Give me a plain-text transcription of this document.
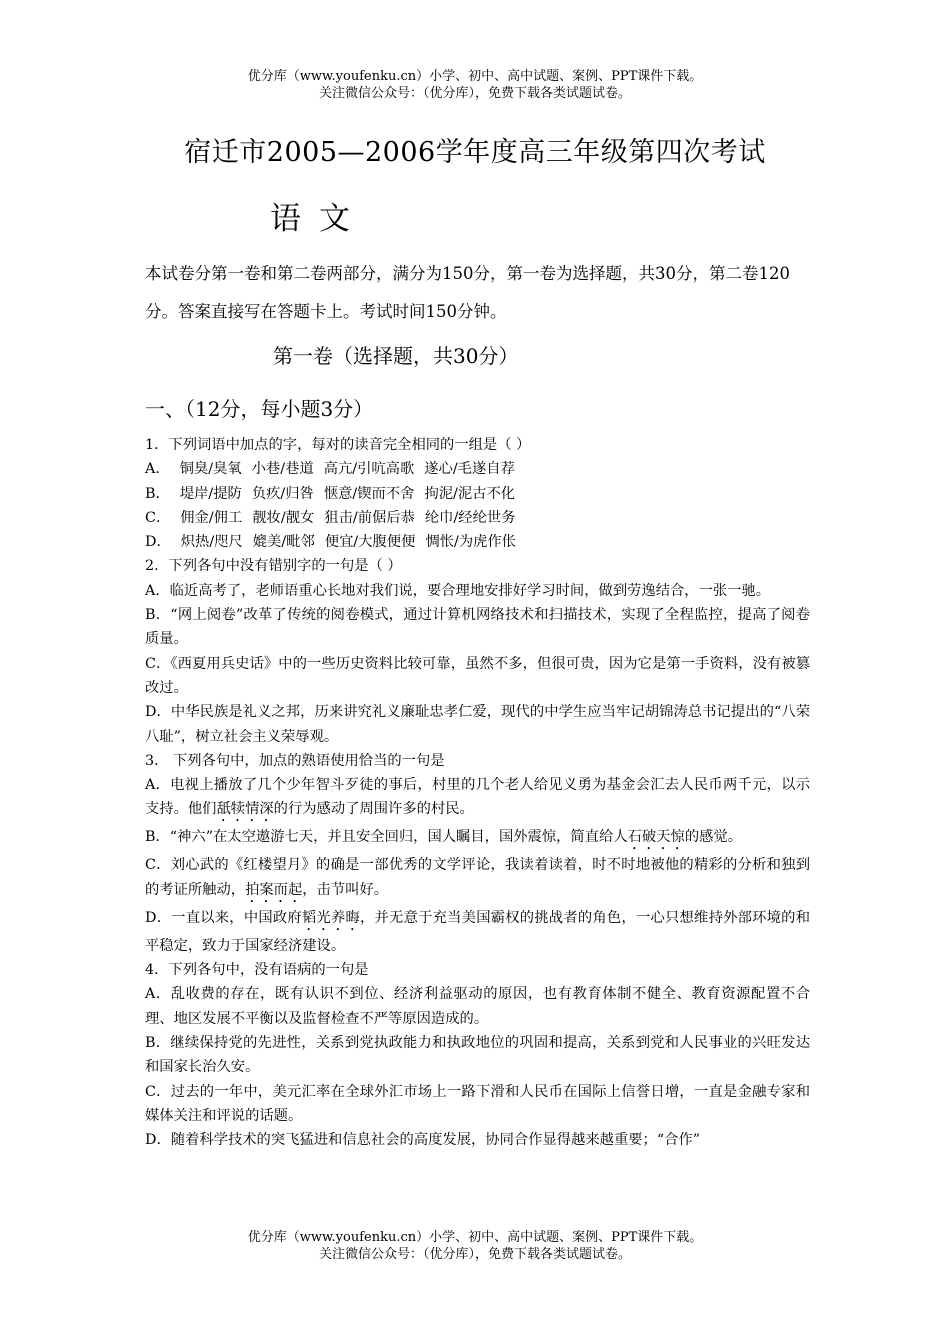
优分库（www.youfenku.cn）小学、初中、高中试题、案例、PPT课件下载。
关注微信公众号：（优分库），免费下载各类试题试卷。
宿迁市2005—2006学年度高三年级第四次考试
语文
本试卷分第一卷和第二卷两部分，满分为150分，第一卷为选择题，共30分，第二卷120分。答案直接写在答题卡上。考试时间150分钟。
第一卷（选择题，共30分）
一、（12分，每小题3分）

1．下列词语中加点的字，每对的读音完全相同的一组是（ ）

A． 铜臭/臭氧 小巷/巷道 高亢/引吭高歌 遂心/毛遂自荐

B． 堤岸/提防 负疚/归咎 惬意/锲而不舍 拘泥/泥古不化

C． 佣金/佣工 靓妆/靓女 狙击/前倨后恭 纶巾/经纶世务

D． 炽热/咫尺 媲美/毗邻 便宜/大腹便便 惆怅/为虎作伥

2．下列各句中没有错别字的一句是（ ）

A．临近高考了，老师语重心长地对我们说，要合理地安排好学习时间，做到劳逸结合，一张一驰。

B．“网上阅卷”改革了传统的阅卷模式，通过计算机网络技术和扫描技术，实现了全程监控，提高了阅卷质量。

C．《西夏用兵史话》中的一些历史资料比较可靠，虽然不多，但很可贵，因为它是第一手资料，没有被篡改过。

D．中华民族是礼义之邦，历来讲究礼义廉耻忠孝仁爱，现代的中学生应当牢记胡锦涛总书记提出的“八荣八耻”，树立社会主义荣辱观。

3． 下列各句中，加点的熟语使用恰当的一句是

A．电视上播放了几个少年智斗歹徒的事后，村里的几个老人给见义勇为基金会汇去人民币两千元，以示支持。他们舐犊情深的行为感动了周围许多的村民。

B．“神六”在太空遨游七天，并且安全回归，国人瞩目，国外震惊，简直给人石破天惊的感觉。

C．刘心武的《红楼望月》的确是一部优秀的文学评论，我读着读着，时不时地被他的精彩的分析和独到的考证所触动，拍案而起，击节叫好。

D．一直以来，中国政府韬光养晦，并无意于充当美国霸权的挑战者的角色，一心只想维持外部环境的和平稳定，致力于国家经济建设。

4．下列各句中，没有语病的一句是

A．乱收费的存在，既有认识不到位、经济利益驱动的原因，也有教育体制不健全、教育资源配置不合理、地区发展不平衡以及监督检查不严等原因造成的。

B．继续保持党的先进性，关系到党执政能力和执政地位的巩固和提高，关系到党和人民事业的兴旺发达和国家长治久安。

C．过去的一年中，美元汇率在全球外汇市场上一路下滑和人民币在国际上信誉日增，一直是金融专家和媒体关注和评说的话题。

D．随着科学技术的突飞猛进和信息社会的高度发展，协同合作显得越来越重要；“合作”

优分库（www.youfenku.cn）小学、初中、高中试题、案例、PPT课件下载。
关注微信公众号：（优分库），免费下载各类试题试卷。
